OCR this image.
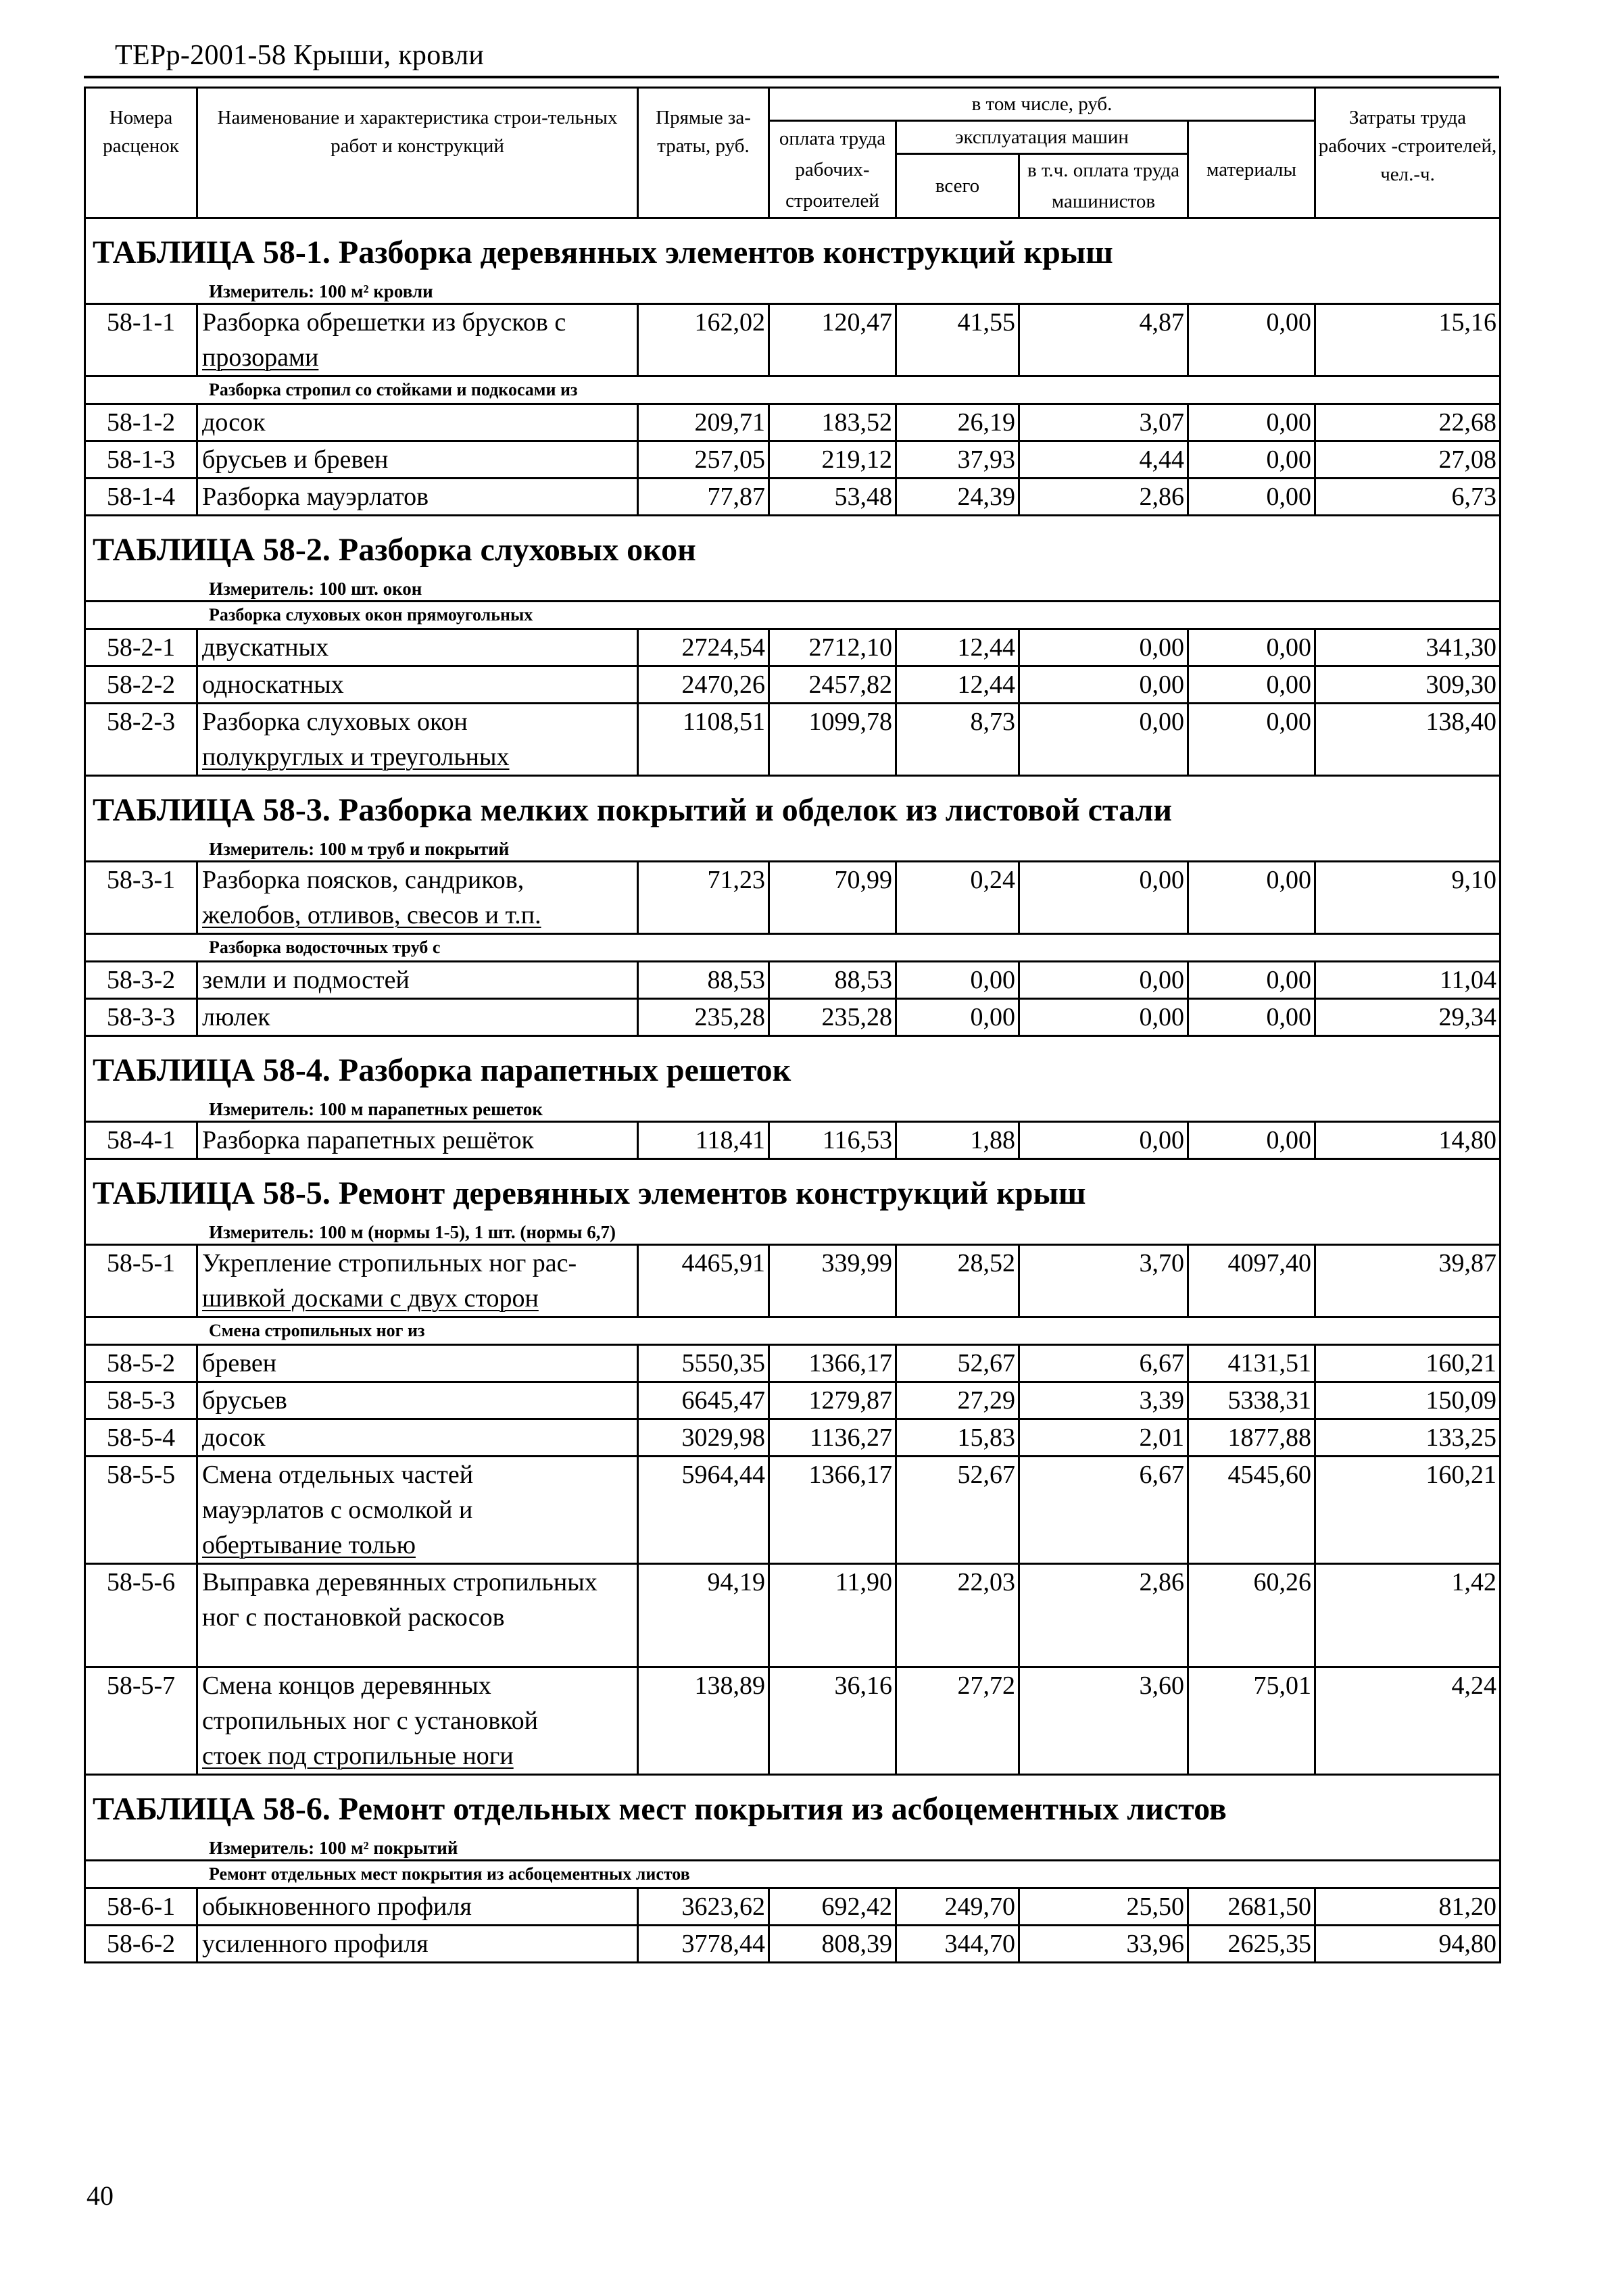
ТЕРр-2001-58 Крыши, кровли
Номера расценок	Наименование и характеристика строи-тельных работ и конструкций	Прямые за-траты, руб.	в том числе, руб.				Затраты труда рабочих -строителей, чел.-ч.
			оплата труда рабочих-строителей	эксплуатация машин		материалы	
				всего	в т.ч. оплата труда машинистов		

ТАБЛИЦА 58-1. Разборка деревянных элементов конструкций крыш							
Измеритель: 100 м² кровли							
58-1-1	Разборка обрешетки из брусков с
прозорами	162,02	120,47	41,55	4,87	0,00	15,16
Разборка стропил со стойками и подкосами из							
58-1-2	досок	209,71	183,52	26,19	3,07	0,00	22,68
58-1-3	брусьев и бревен	257,05	219,12	37,93	4,44	0,00	27,08
58-1-4	Разборка мауэрлатов	77,87	53,48	24,39	2,86	0,00	6,73
ТАБЛИЦА 58-2. Разборка слуховых окон							
Измеритель: 100 шт. окон							
Разборка слуховых окон прямоугольных							
58-2-1	двускатных	2724,54	2712,10	12,44	0,00	0,00	341,30
58-2-2	односкатных	2470,26	2457,82	12,44	0,00	0,00	309,30
58-2-3	Разборка слуховых окон
полукруглых и треугольных	1108,51	1099,78	8,73	0,00	0,00	138,40
ТАБЛИЦА 58-3. Разборка мелких покрытий и обделок из листовой стали							
Измеритель: 100 м труб и покрытий							
58-3-1	Разборка поясков, сандриков,
желобов, отливов, свесов и т.п.	71,23	70,99	0,24	0,00	0,00	9,10
Разборка водосточных труб с							
58-3-2	земли и подмостей	88,53	88,53	0,00	0,00	0,00	11,04
58-3-3	люлек	235,28	235,28	0,00	0,00	0,00	29,34
ТАБЛИЦА 58-4. Разборка парапетных решеток							
Измеритель: 100 м парапетных решеток							
58-4-1	Разборка парапетных решёток	118,41	116,53	1,88	0,00	0,00	14,80
ТАБЛИЦА 58-5. Ремонт деревянных элементов конструкций крыш							
Измеритель: 100 м (нормы 1-5), 1 шт. (нормы 6,7)							
58-5-1	Укрепление стропильных ног рас-
шивкой досками с двух сторон	4465,91	339,99	28,52	3,70	4097,40	39,87
Смена стропильных ног из							
58-5-2	бревен	5550,35	1366,17	52,67	6,67	4131,51	160,21
58-5-3	брусьев	6645,47	1279,87	27,29	3,39	5338,31	150,09
58-5-4	досок	3029,98	1136,27	15,83	2,01	1877,88	133,25
58-5-5	Смена отдельных частей
мауэрлатов с осмолкой и
обертывание толью	5964,44	1366,17	52,67	6,67	4545,60	160,21
58-5-6	Выправка деревянных стропильных
ног с постановкой раскосов	94,19	11,90	22,03	2,86	60,26	1,42
58-5-7	Смена концов деревянных
стропильных ног с установкой
стоек под стропильные ноги	138,89	36,16	27,72	3,60	75,01	4,24
ТАБЛИЦА 58-6. Ремонт отдельных мест покрытия из асбоцементных листов							
Измеритель: 100 м² покрытий							
Ремонт отдельных мест покрытия из асбоцементных листов							
58-6-1	обыкновенного профиля	3623,62	692,42	249,70	25,50	2681,50	81,20
58-6-2	усиленного профиля	3778,44	808,39	344,70	33,96	2625,35	94,80
40
